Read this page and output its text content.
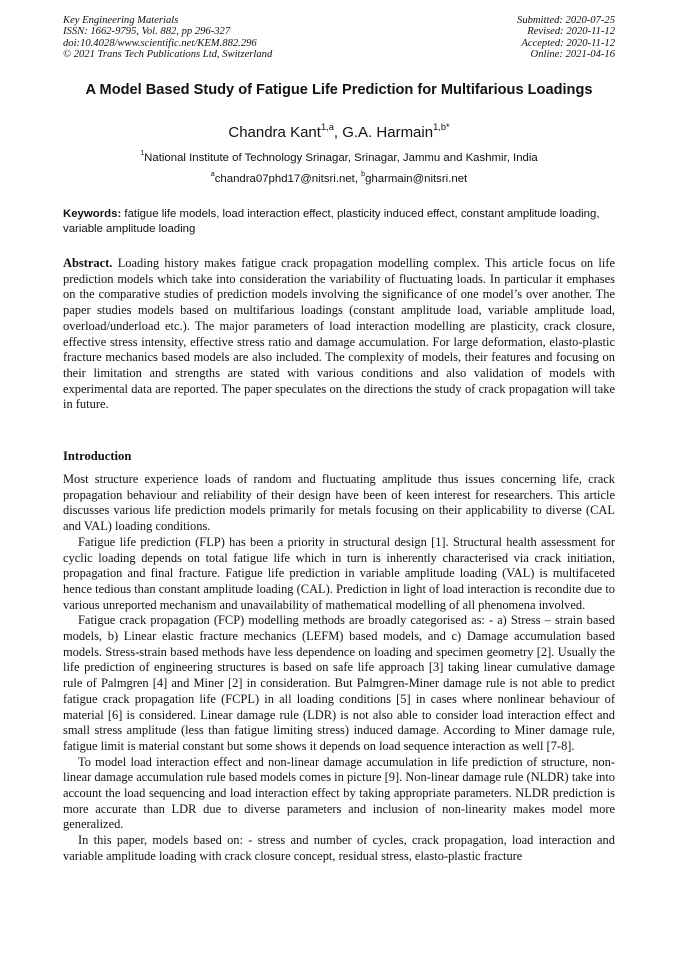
Key Engineering Materials
ISSN: 1662-9795, Vol. 882, pp 296-327
doi:10.4028/www.scientific.net/KEM.882.296
© 2021 Trans Tech Publications Ltd, Switzerland
Submitted: 2020-07-25
Revised: 2020-11-12
Accepted: 2020-11-12
Online: 2021-04-16
A Model Based Study of Fatigue Life Prediction for Multifarious Loadings
Chandra Kant$^{1,a}$, G.A. Harmain$^{1,b*}$
$^1$National Institute of Technology Srinagar, Srinagar, Jammu and Kashmir, India
$^a$chandra07phd17@nitsri.net, $^b$gharmain@nitsri.net
Keywords: fatigue life models, load interaction effect, plasticity induced effect, constant amplitude loading, variable amplitude loading
Abstract. Loading history makes fatigue crack propagation modelling complex. This article focus on life prediction models which take into consideration the variability of fluctuating loads. In particular it emphases on the comparative studies of prediction models involving the significance of one model’s over another. The paper studies models based on multifarious loadings (constant amplitude load, variable amplitude load, overload/underload etc.). The major parameters of load interaction modelling are plasticity, crack closure, effective stress intensity, effective stress ratio and damage accumulation. For large deformation, elasto-plastic fracture mechanics based models are also included. The complexity of models, their features and focusing on their limitation and strengths are stated with various conditions and also validation of models with experimental data are reported. The paper speculates on the directions the study of crack propagation will take in future.
Introduction

Most structure experience loads of random and fluctuating amplitude thus issues concerning life, crack propagation behaviour and reliability of their design have been of keen interest for researchers. This article discusses various life prediction models primarily for metals focusing on their applicability to diverse (CAL and VAL) loading conditions.

Fatigue life prediction (FLP) has been a priority in structural design [1]. Structural health assessment for cyclic loading depends on total fatigue life which in turn is inherently characterised via crack initiation, propagation and final fracture. Fatigue life prediction in variable amplitude loading (VAL) is multifaceted hence tedious than constant amplitude loading (CAL). Prediction in light of load interaction is recondite due to various unreported mechanism and unavailability of mathematical modelling of all phenomena involved.

Fatigue crack propagation (FCP) modelling methods are broadly categorised as: - a) Stress – strain based models, b) Linear elastic fracture mechanics (LEFM) based models, and c) Damage accumulation based models. Stress-strain based methods have less dependence on loading and specimen geometry [2]. Usually the life prediction of engineering structures is based on safe life approach [3] taking linear cumulative damage rule of Palmgren [4] and Miner [2] in consideration. But Palmgren-Miner damage rule is not able to predict fatigue crack propagation life (FCPL) in all loading conditions [5] in cases where nonlinear behaviour of material [6] is considered. Linear damage rule (LDR) is not also able to consider load interaction effect and small stress amplitude (less than fatigue limiting stress) induced damage. According to Miner damage rule, fatigue limit is material constant but some shows it depends on load sequence interaction as well [7-8].

To model load interaction effect and non-linear damage accumulation in life prediction of structure, non-linear damage accumulation rule based models comes in picture [9]. Non-linear damage rule (NLDR) take into account the load sequencing and load interaction effect by taking appropriate parameters. NLDR prediction is more accurate than LDR due to diverse parameters and inclusion of non-linearity makes model more generalized.

In this paper, models based on: - stress and number of cycles, crack propagation, load interaction and variable amplitude loading with crack closure concept, residual stress, elasto-plastic fracture
